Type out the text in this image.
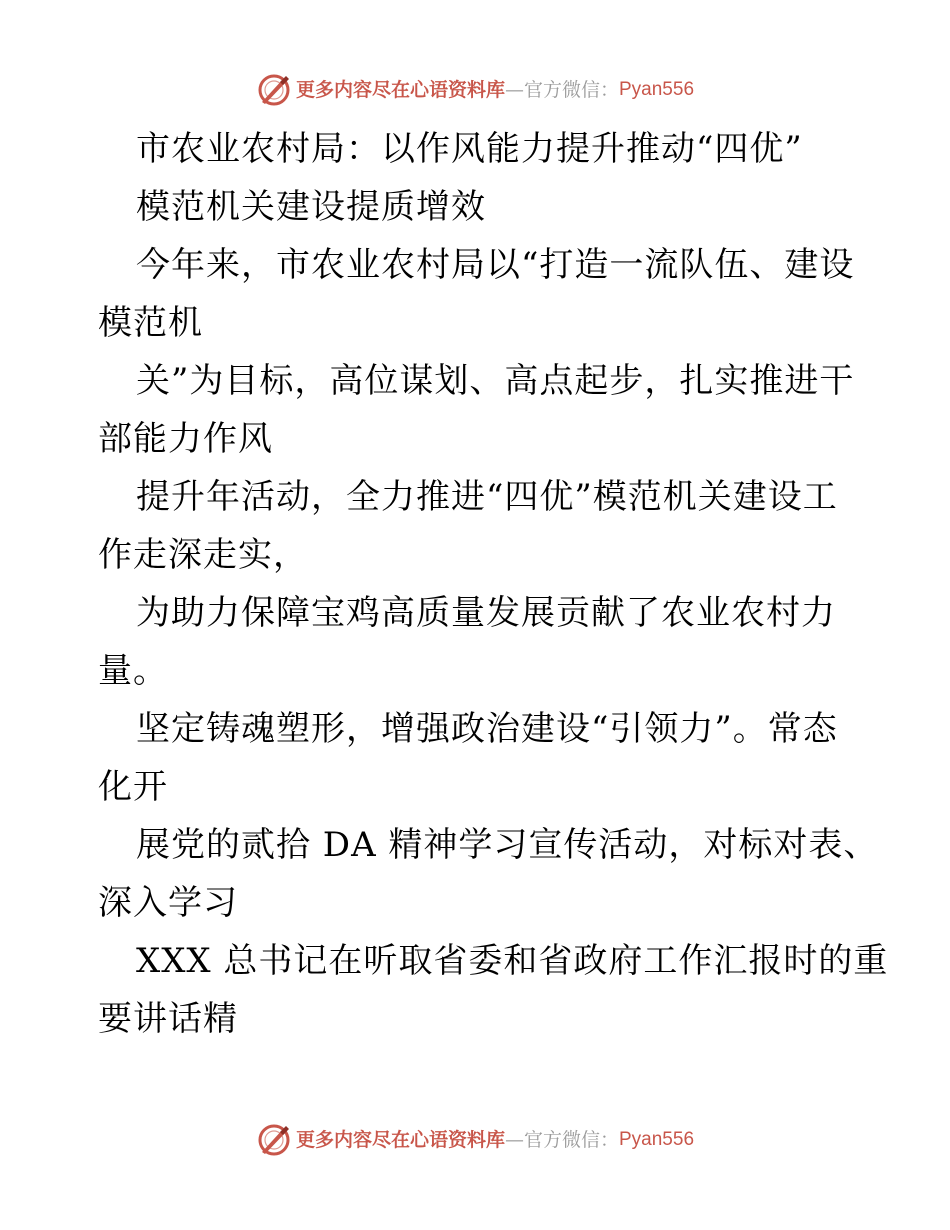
更多内容尽在心语资料库 — 官方微信： Pyan556

市农业农村局：以作风能力提升推动“四优”

模范机关建设提质增效

今年来，市农业农村局以“打造一流队伍、建设

模范机

关”为目标，高位谋划、高点起步，扎实推进干

部能力作风

提升年活动，全力推进“四优”模范机关建设工

作走深走实，

为助力保障宝鸡高质量发展贡献了农业农村力

量。

坚定铸魂塑形，增强政治建设“引领力”。常态

化开

展党的贰拾 DA 精神学习宣传活动，对标对表、

深入学习

XXX 总书记在听取省委和省政府工作汇报时的重

要讲话精

更多内容尽在心语资料库 — 官方微信： Pyan556
